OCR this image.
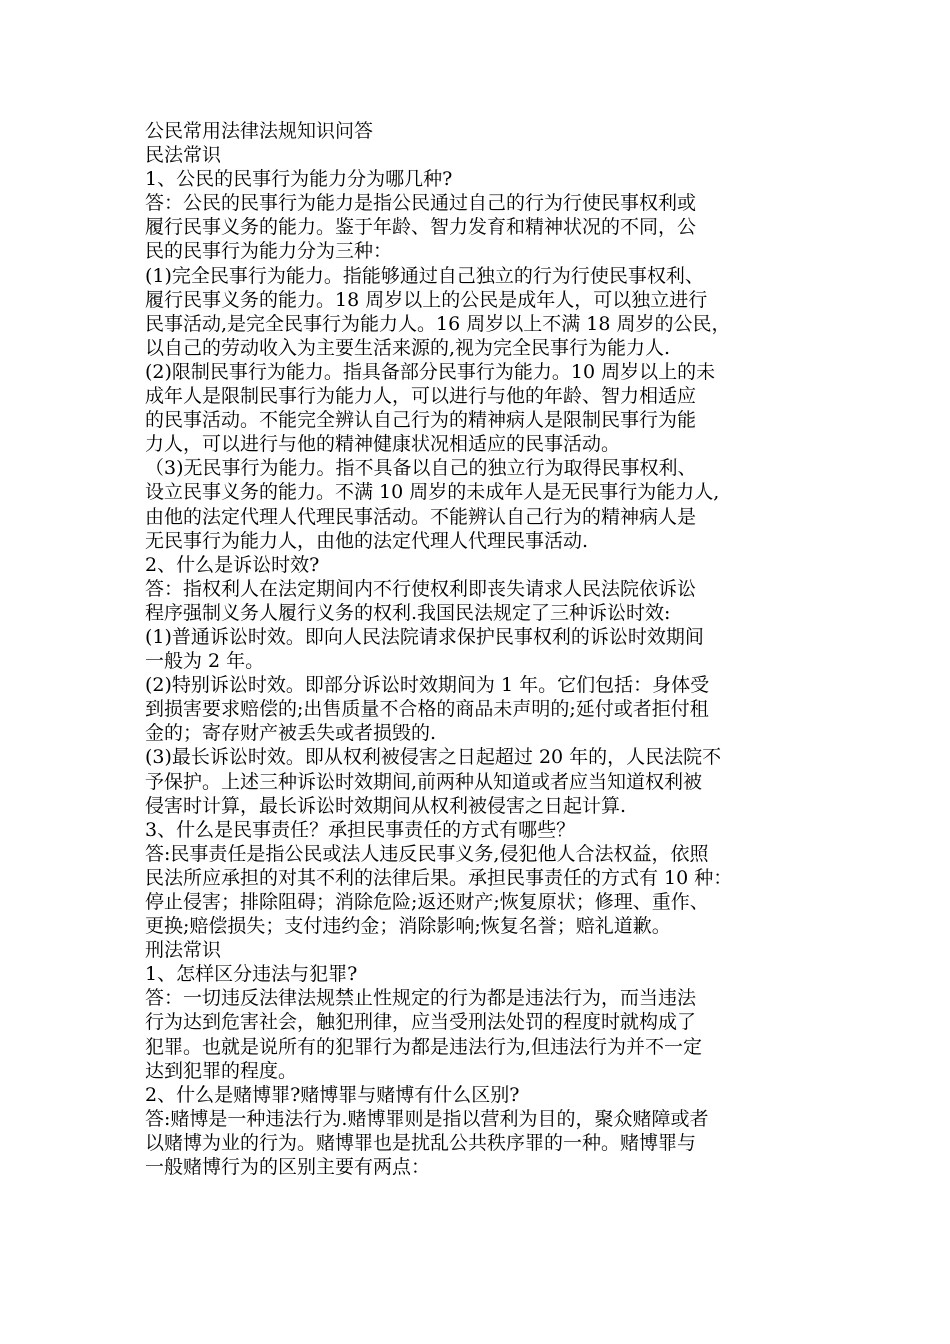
公民常用法律法规知识问答

民法常识

1、公民的民事行为能力分为哪几种?

答：公民的民事行为能力是指公民通过自己的行为行使民事权利或

履行民事义务的能力。鉴于年龄、智力发育和精神状况的不同，公

民的民事行为能力分为三种：

(1)完全民事行为能力。指能够通过自己独立的行为行使民事权利、

履行民事义务的能力。18 周岁以上的公民是成年人，可以独立进行

民事活动,是完全民事行为能力人。16 周岁以上不满 18 周岁的公民，

以自己的劳动收入为主要生活来源的,视为完全民事行为能力人.

(2)限制民事行为能力。指具备部分民事行为能力。10 周岁以上的未

成年人是限制民事行为能力人，可以进行与他的年龄、智力相适应

的民事活动。不能完全辨认自己行为的精神病人是限制民事行为能

力人，可以进行与他的精神健康状况相适应的民事活动。

（3)无民事行为能力。指不具备以自己的独立行为取得民事权利、

设立民事义务的能力。不满 10 周岁的未成年人是无民事行为能力人,

由他的法定代理人代理民事活动。不能辨认自己行为的精神病人是

无民事行为能力人，由他的法定代理人代理民事活动.

2、什么是诉讼时效?

答：指权利人在法定期间内不行使权利即丧失请求人民法院依诉讼

程序强制义务人履行义务的权利.我国民法规定了三种诉讼时效:

(1)普通诉讼时效。即向人民法院请求保护民事权利的诉讼时效期间

一般为 2 年。

(2)特别诉讼时效。即部分诉讼时效期间为 1 年。它们包括：身体受

到损害要求赔偿的;出售质量不合格的商品未声明的;延付或者拒付租

金的；寄存财产被丢失或者损毁的.

(3)最长诉讼时效。即从权利被侵害之日起超过 20 年的，人民法院不

予保护。上述三种诉讼时效期间,前两种从知道或者应当知道权利被

侵害时计算，最长诉讼时效期间从权利被侵害之日起计算.

3、什么是民事责任？承担民事责任的方式有哪些？

答:民事责任是指公民或法人违反民事义务,侵犯他人合法权益，依照

民法所应承担的对其不利的法律后果。承担民事责任的方式有 10 种：

停止侵害；排除阻碍；消除危险;返还财产;恢复原状；修理、重作、

更换;赔偿损失；支付违约金；消除影响;恢复名誉；赔礼道歉。

刑法常识

1、怎样区分违法与犯罪?

答：一切违反法律法规禁止性规定的行为都是违法行为，而当违法

行为达到危害社会，触犯刑律，应当受刑法处罚的程度时就构成了

犯罪。也就是说所有的犯罪行为都是违法行为,但违法行为并不一定

达到犯罪的程度。

2、什么是赌博罪?赌博罪与赌博有什么区别?

答:赌博是一种违法行为.赌博罪则是指以营利为目的，聚众赌障或者

以赌博为业的行为。赌博罪也是扰乱公共秩序罪的一种。赌博罪与

一般赌博行为的区别主要有两点：
